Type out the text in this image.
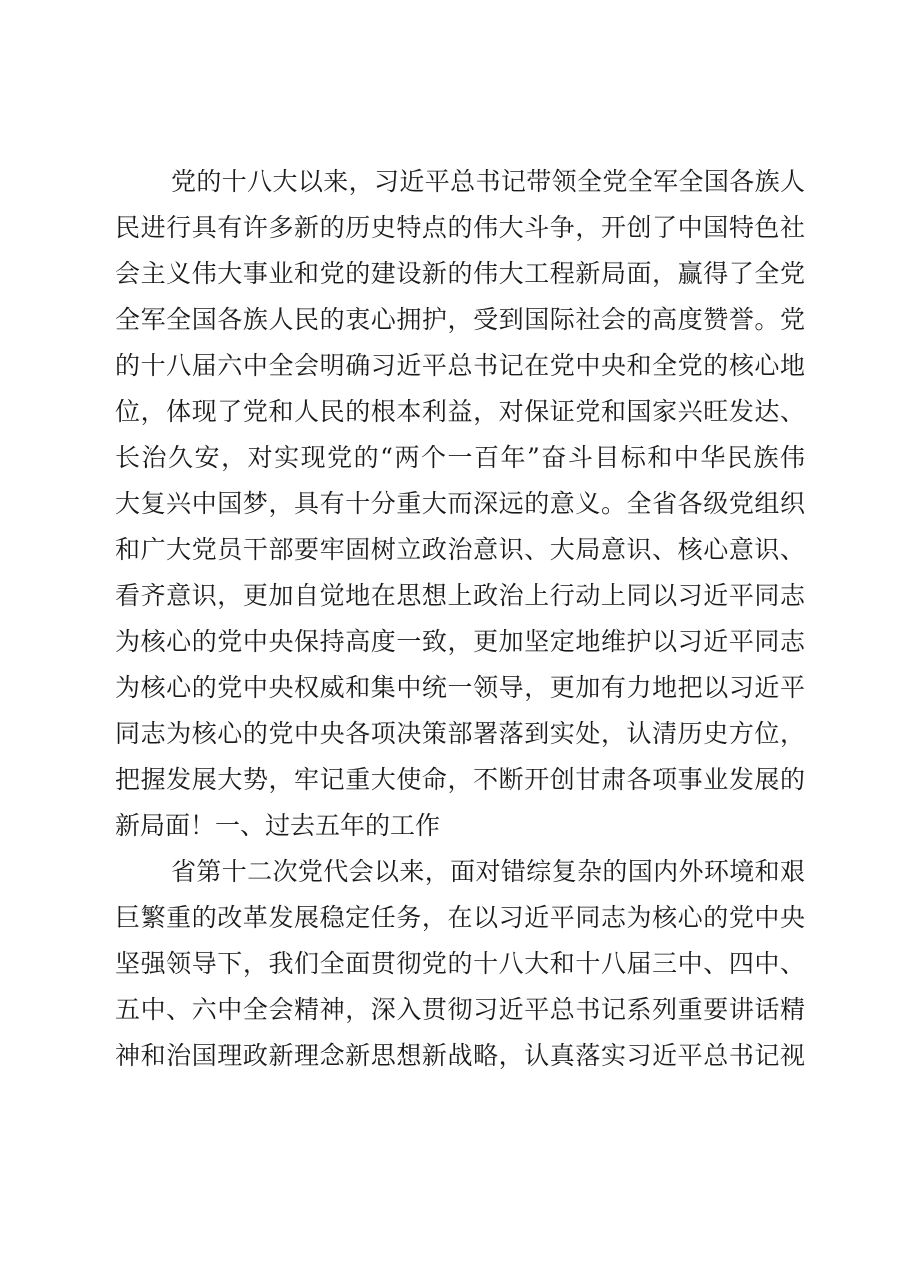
党的十八大以来，习近平总书记带领全党全军全国各族人
民进行具有许多新的历史特点的伟大斗争，开创了中国特色社
会主义伟大事业和党的建设新的伟大工程新局面，赢得了全党
全军全国各族人民的衷心拥护，受到国际社会的高度赞誉。党
的十八届六中全会明确习近平总书记在党中央和全党的核心地
位，体现了党和人民的根本利益，对保证党和国家兴旺发达、
长治久安，对实现党的“两个一百年”奋斗目标和中华民族伟
大复兴中国梦，具有十分重大而深远的意义。全省各级党组织
和广大党员干部要牢固树立政治意识、大局意识、核心意识、
看齐意识，更加自觉地在思想上政治上行动上同以习近平同志
为核心的党中央保持高度一致，更加坚定地维护以习近平同志
为核心的党中央权威和集中统一领导，更加有力地把以习近平
同志为核心的党中央各项决策部署落到实处，认清历史方位，
把握发展大势，牢记重大使命，不断开创甘肃各项事业发展的
新局面！一、过去五年的工作
省第十二次党代会以来，面对错综复杂的国内外环境和艰
巨繁重的改革发展稳定任务，在以习近平同志为核心的党中央
坚强领导下，我们全面贯彻党的十八大和十八届三中、四中、
五中、六中全会精神，深入贯彻习近平总书记系列重要讲话精
神和治国理政新理念新思想新战略，认真落实习近平总书记视
